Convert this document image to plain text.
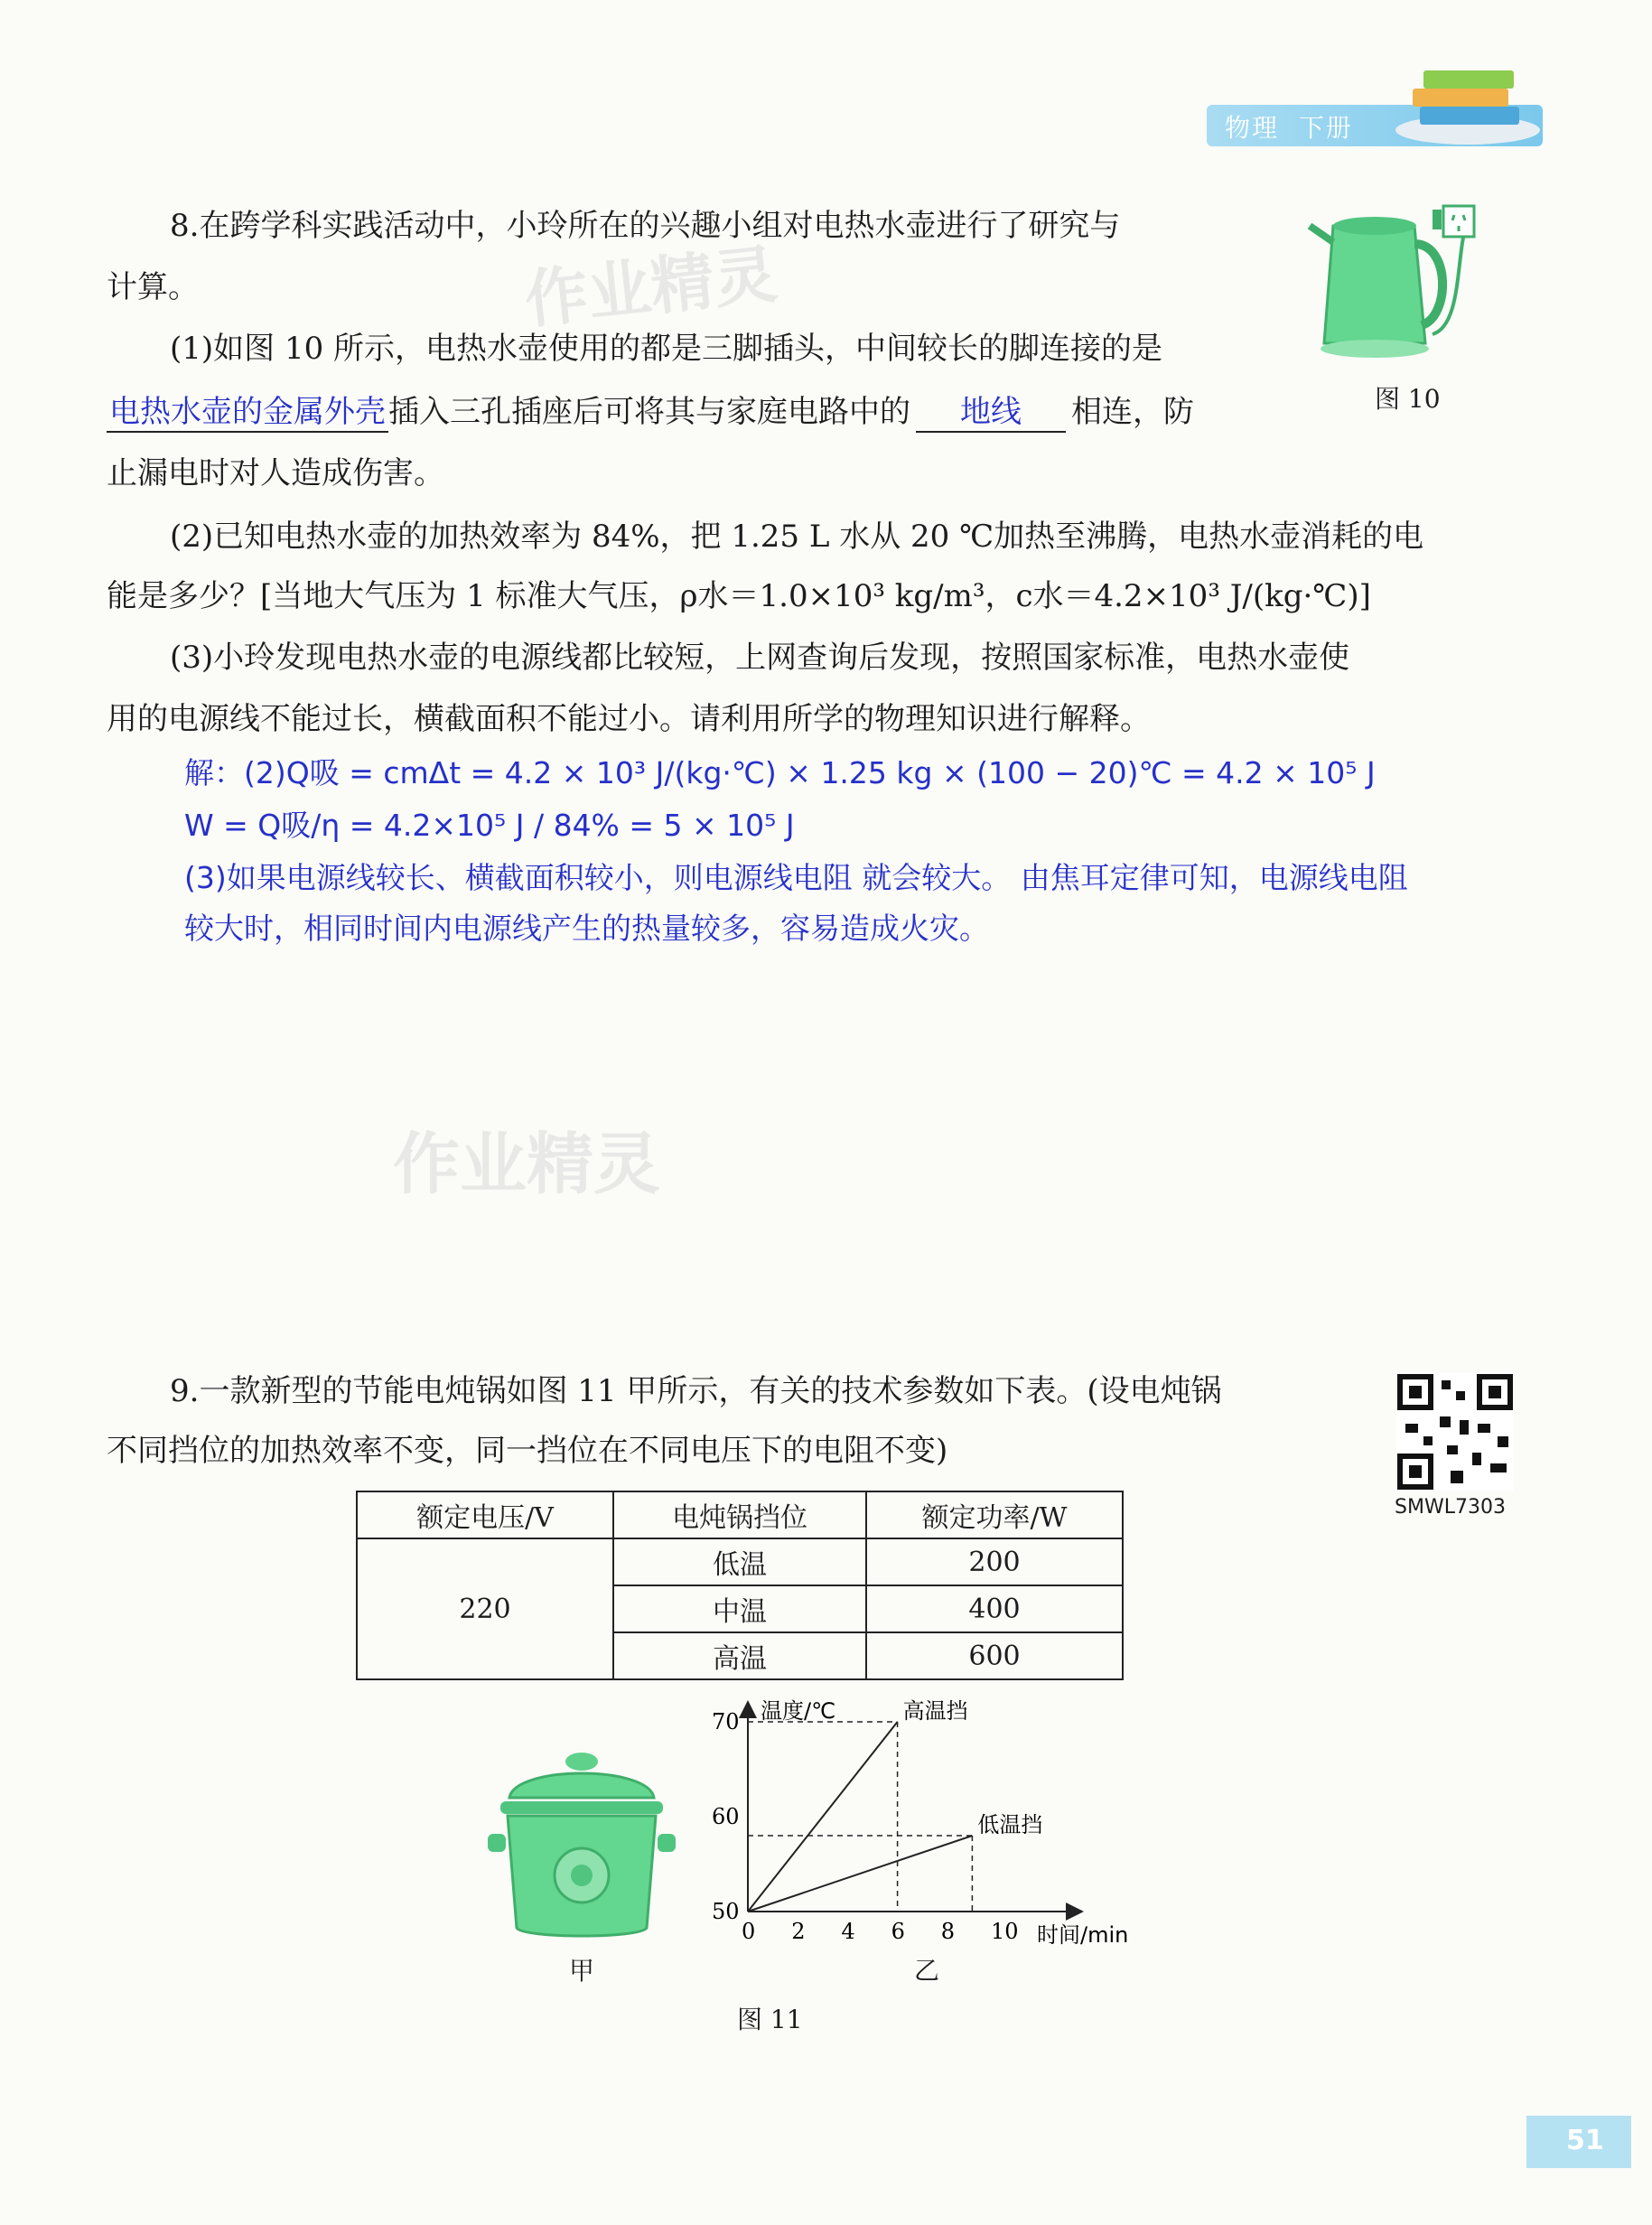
物理 下册
作业精灵
作业精灵
8.在跨学科实践活动中，小玲所在的兴趣小组对电热水壶进行了研究与
计算。
(1)如图 10 所示，电热水壶使用的都是三脚插头，中间较长的脚连接的是
电热水壶的金属外壳插入三孔插座后可将其与家庭电路中的 地线 相连，防
止漏电时对人造成伤害。
(2)已知电热水壶的加热效率为 84%，把 1.25 L 水从 20 ℃加热至沸腾，电热水壶消耗的电
能是多少？[当地大气压为 1 标准大气压，ρ水＝1.0×10³ kg/m³，c水＝4.2×10³ J/(kg·℃)]
(3)小玲发现电热水壶的电源线都比较短，上网查询后发现，按照国家标准，电热水壶使
用的电源线不能过长，横截面积不能过小。请利用所学的物理知识进行解释。
图 10
解：(2)Q吸 = cmΔt = 4.2 × 10³ J/(kg·℃) × 1.25 kg × (100 − 20)℃ = 4.2 × 10⁵ J
W = Q吸/η = 4.2×10⁵ J / 84% = 5 × 10⁵ J
(3)如果电源线较长、横截面积较小，则电源线电阻 就会较大。 由焦耳定律可知，电源线电阻
较大时，相同时间内电源线产生的热量较多，容易造成火灾。
9.一款新型的节能电炖锅如图 11 甲所示，有关的技术参数如下表。(设电炖锅
不同挡位的加热效率不变，同一挡位在不同电压下的电阻不变)
SMWL7303
额定电压/V	电炖锅挡位	额定功率/W
220	低温	200
	中温	400
	高温	600
甲
温度/℃
时间/min
0 2 4 6 8 10
50
60
70	高温挡
低温挡
乙
图 11
51
